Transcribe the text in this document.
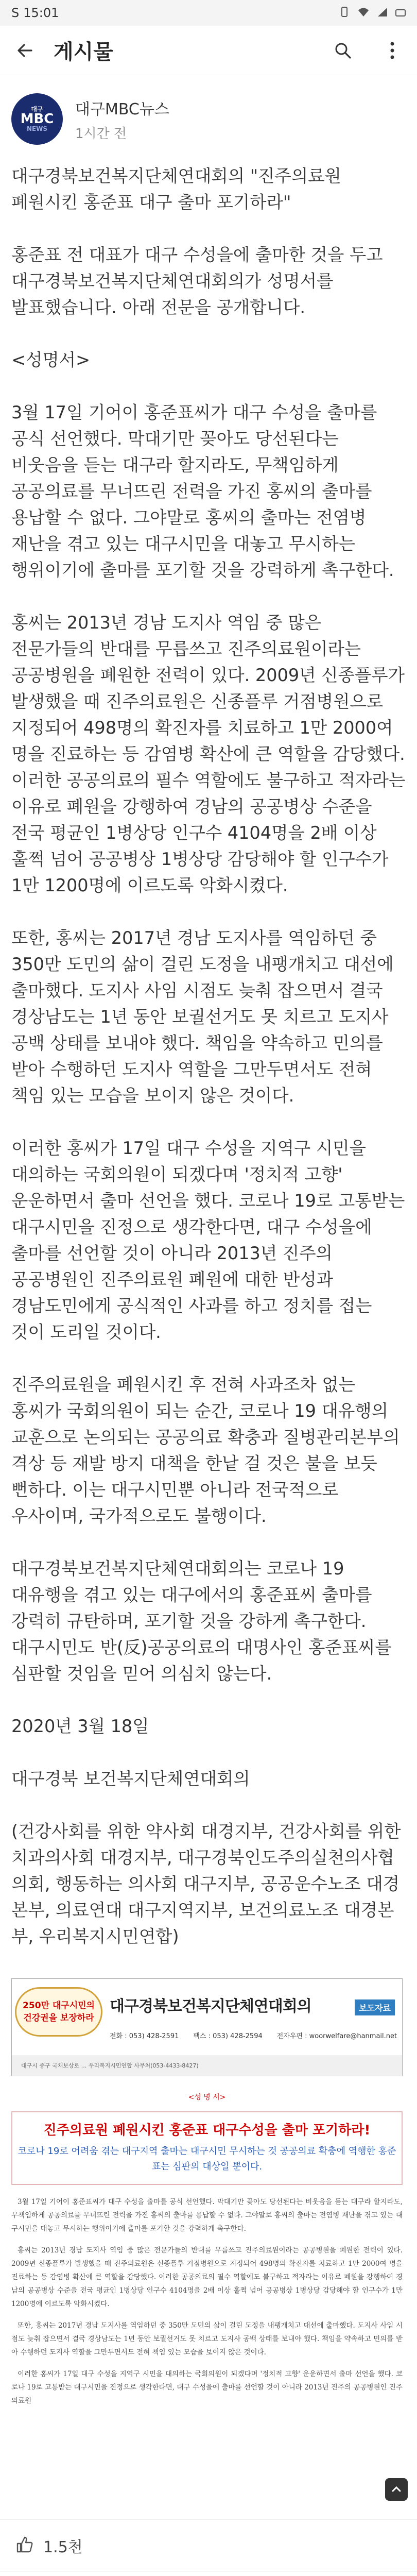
S 15:01
게시물
대구
MBC
NEWS
대구MBC뉴스
1시간 전

대구경북보건복지단체연대회의 "진주의료원 폐원시킨 홍준표 대구 출마 포기하라"

홍준표 전 대표가 대구 수성을에 출마한 것을 두고 대구경북보건복지단체연대회의가 성명서를 발표했습니다. 아래 전문을 공개합니다.

<성명서>

3월 17일 기어이 홍준표씨가 대구 수성을 출마를 공식 선언했다. 막대기만 꽂아도 당선된다는 비웃음을 듣는 대구라 할지라도, 무책임하게 공공의료를 무너뜨린 전력을 가진 홍씨의 출마를 용납할 수 없다. 그야말로 홍씨의 출마는 전염병 재난을 겪고 있는 대구시민을 대놓고 무시하는 행위이기에 출마를 포기할 것을 강력하게 촉구한다.

홍씨는 2013년 경남 도지사 역임 중 많은 전문가들의 반대를 무릅쓰고 진주의료원이라는 공공병원을 폐원한 전력이 있다. 2009년 신종플루가 발생했을 때 진주의료원은 신종플루 거점병원으로 지정되어 498명의 확진자를 치료하고 1만 2000여 명을 진료하는 등 감염병 확산에 큰 역할을 감당했다. 이러한 공공의료의 필수 역할에도 불구하고 적자라는 이유로 폐원을 강행하여 경남의 공공병상 수준을 전국 평균인 1병상당 인구수 4104명을 2배 이상 훌쩍 넘어 공공병상 1병상당 감당해야 할 인구수가 1만 1200명에 이르도록 악화시켰다.

또한, 홍씨는 2017년 경남 도지사를 역임하던 중 350만 도민의 삶이 걸린 도정을 내팽개치고 대선에 출마했다. 도지사 사임 시점도 늦춰 잡으면서 결국 경상남도는 1년 동안 보궐선거도 못 치르고 도지사 공백 상태를 보내야 했다. 책임을 약속하고 민의를 받아 수행하던 도지사 역할을 그만두면서도 전혀 책임 있는 모습을 보이지 않은 것이다.

이러한 홍씨가 17일 대구 수성을 지역구 시민을 대의하는 국회의원이 되겠다며 '정치적 고향' 운운하면서 출마 선언을 했다. 코로나 19로 고통받는 대구시민을 진정으로 생각한다면, 대구 수성을에 출마를 선언할 것이 아니라 2013년 진주의 공공병원인 진주의료원 폐원에 대한 반성과 경남도민에게 공식적인 사과를 하고 정치를 접는 것이 도리일 것이다.

진주의료원을 폐원시킨 후 전혀 사과조차 없는 홍씨가 국회의원이 되는 순간, 코로나 19 대유행의 교훈으로 논의되는 공공의료 확충과 질병관리본부의 격상 등 재발 방지 대책을 한낱 걸 것은 불을 보듯 뻔하다. 이는 대구시민뿐 아니라 전국적으로 우사이며, 국가적으로도 불행이다.

대구경북보건복지단체연대회의는 코로나 19 대유행을 겪고 있는 대구에서의 홍준표씨 출마를 강력히 규탄하며, 포기할 것을 강하게 촉구한다. 대구시민도 반(反)공공의료의 대명사인 홍준표씨를 심판할 것임을 믿어 의심치 않는다.

2020년 3월 18일

대구경북 보건복지단체연대회의

(건강사회를 위한 약사회 대경지부, 건강사회를 위한 치과의사회 대경지부, 대구경북인도주의실천의사협의회, 행동하는 의사회 대구지부, 공공운수노조 대경본부, 의료연대 대구지역지부, 보건의료노조 대경본부, 우리복지시민연합)

250만 대구시민의
건강권을 보장하라
대구경북보건복지단체연대회의	보도자료
전화 : 053) 428-2591 팩스 : 053) 428-2594 전자우편 : woorwelfare@hanmail.net
대구시 중구 국채보상로 ... 우리복지시민연합 사무처(053-4433-8427)
<성 명 서>
진주의료원 폐원시킨 홍준표 대구수성을 출마 포기하라!
코로나 19로 어려움 겪는 대구지역 출마는 대구시민 무시하는 것 공공의료 확충에 역행한 홍준표는 심판의 대상일 뿐이다.

3월 17일 기어이 홍준표씨가 대구 수성을 출마를 공식 선언했다. 막대기만 꽂아도 당선된다는 비웃음을 듣는 대구라 할지라도, 무책임하게 공공의료를 무너뜨린 전력을 가진 홍씨의 출마를 용납할 수 없다. 그야말로 홍씨의 출마는 전염병 재난을 겪고 있는 대구시민을 대놓고 무시하는 행위이기에 출마를 포기할 것을 강력하게 촉구한다.

홍씨는 2013년 경남 도지사 역임 중 많은 전문가들의 반대를 무릅쓰고 진주의료원이라는 공공병원을 폐원한 전력이 있다. 2009년 신종플루가 발생했을 때 진주의료원은 신종플루 거점병원으로 지정되어 498명의 확진자를 치료하고 1만 2000여 명을 진료하는 등 감염병 확산에 큰 역할을 감당했다. 이러한 공공의료의 필수 역할에도 불구하고 적자라는 이유로 폐원을 강행하여 경남의 공공병상 수준을 전국 평균인 1병상당 인구수 4104명을 2배 이상 훌쩍 넘어 공공병상 1병상당 감당해야 할 인구수가 1만 1200명에 이르도록 악화시켰다.

또한, 홍씨는 2017년 경남 도지사를 역임하던 중 350만 도민의 삶이 걸린 도정을 내팽개치고 대선에 출마했다. 도지사 사임 시점도 늦춰 잡으면서 결국 경상남도는 1년 동안 보궐선거도 못 치르고 도지사 공백 상태를 보내야 했다. 책임을 약속하고 민의를 받아 수행하던 도지사 역할을 그만두면서도 전혀 책임 있는 모습을 보이지 않은 것이다.

이러한 홍씨가 17일 대구 수성을 지역구 시민을 대의하는 국회의원이 되겠다며 '정치적 고향' 운운하면서 출마 선언을 했다. 코로나 19로 고통받는 대구시민을 진정으로 생각한다면, 대구 수성을에 출마를 선언할 것이 아니라 2013년 진주의 공공병원인 진주의료원

1.5천
